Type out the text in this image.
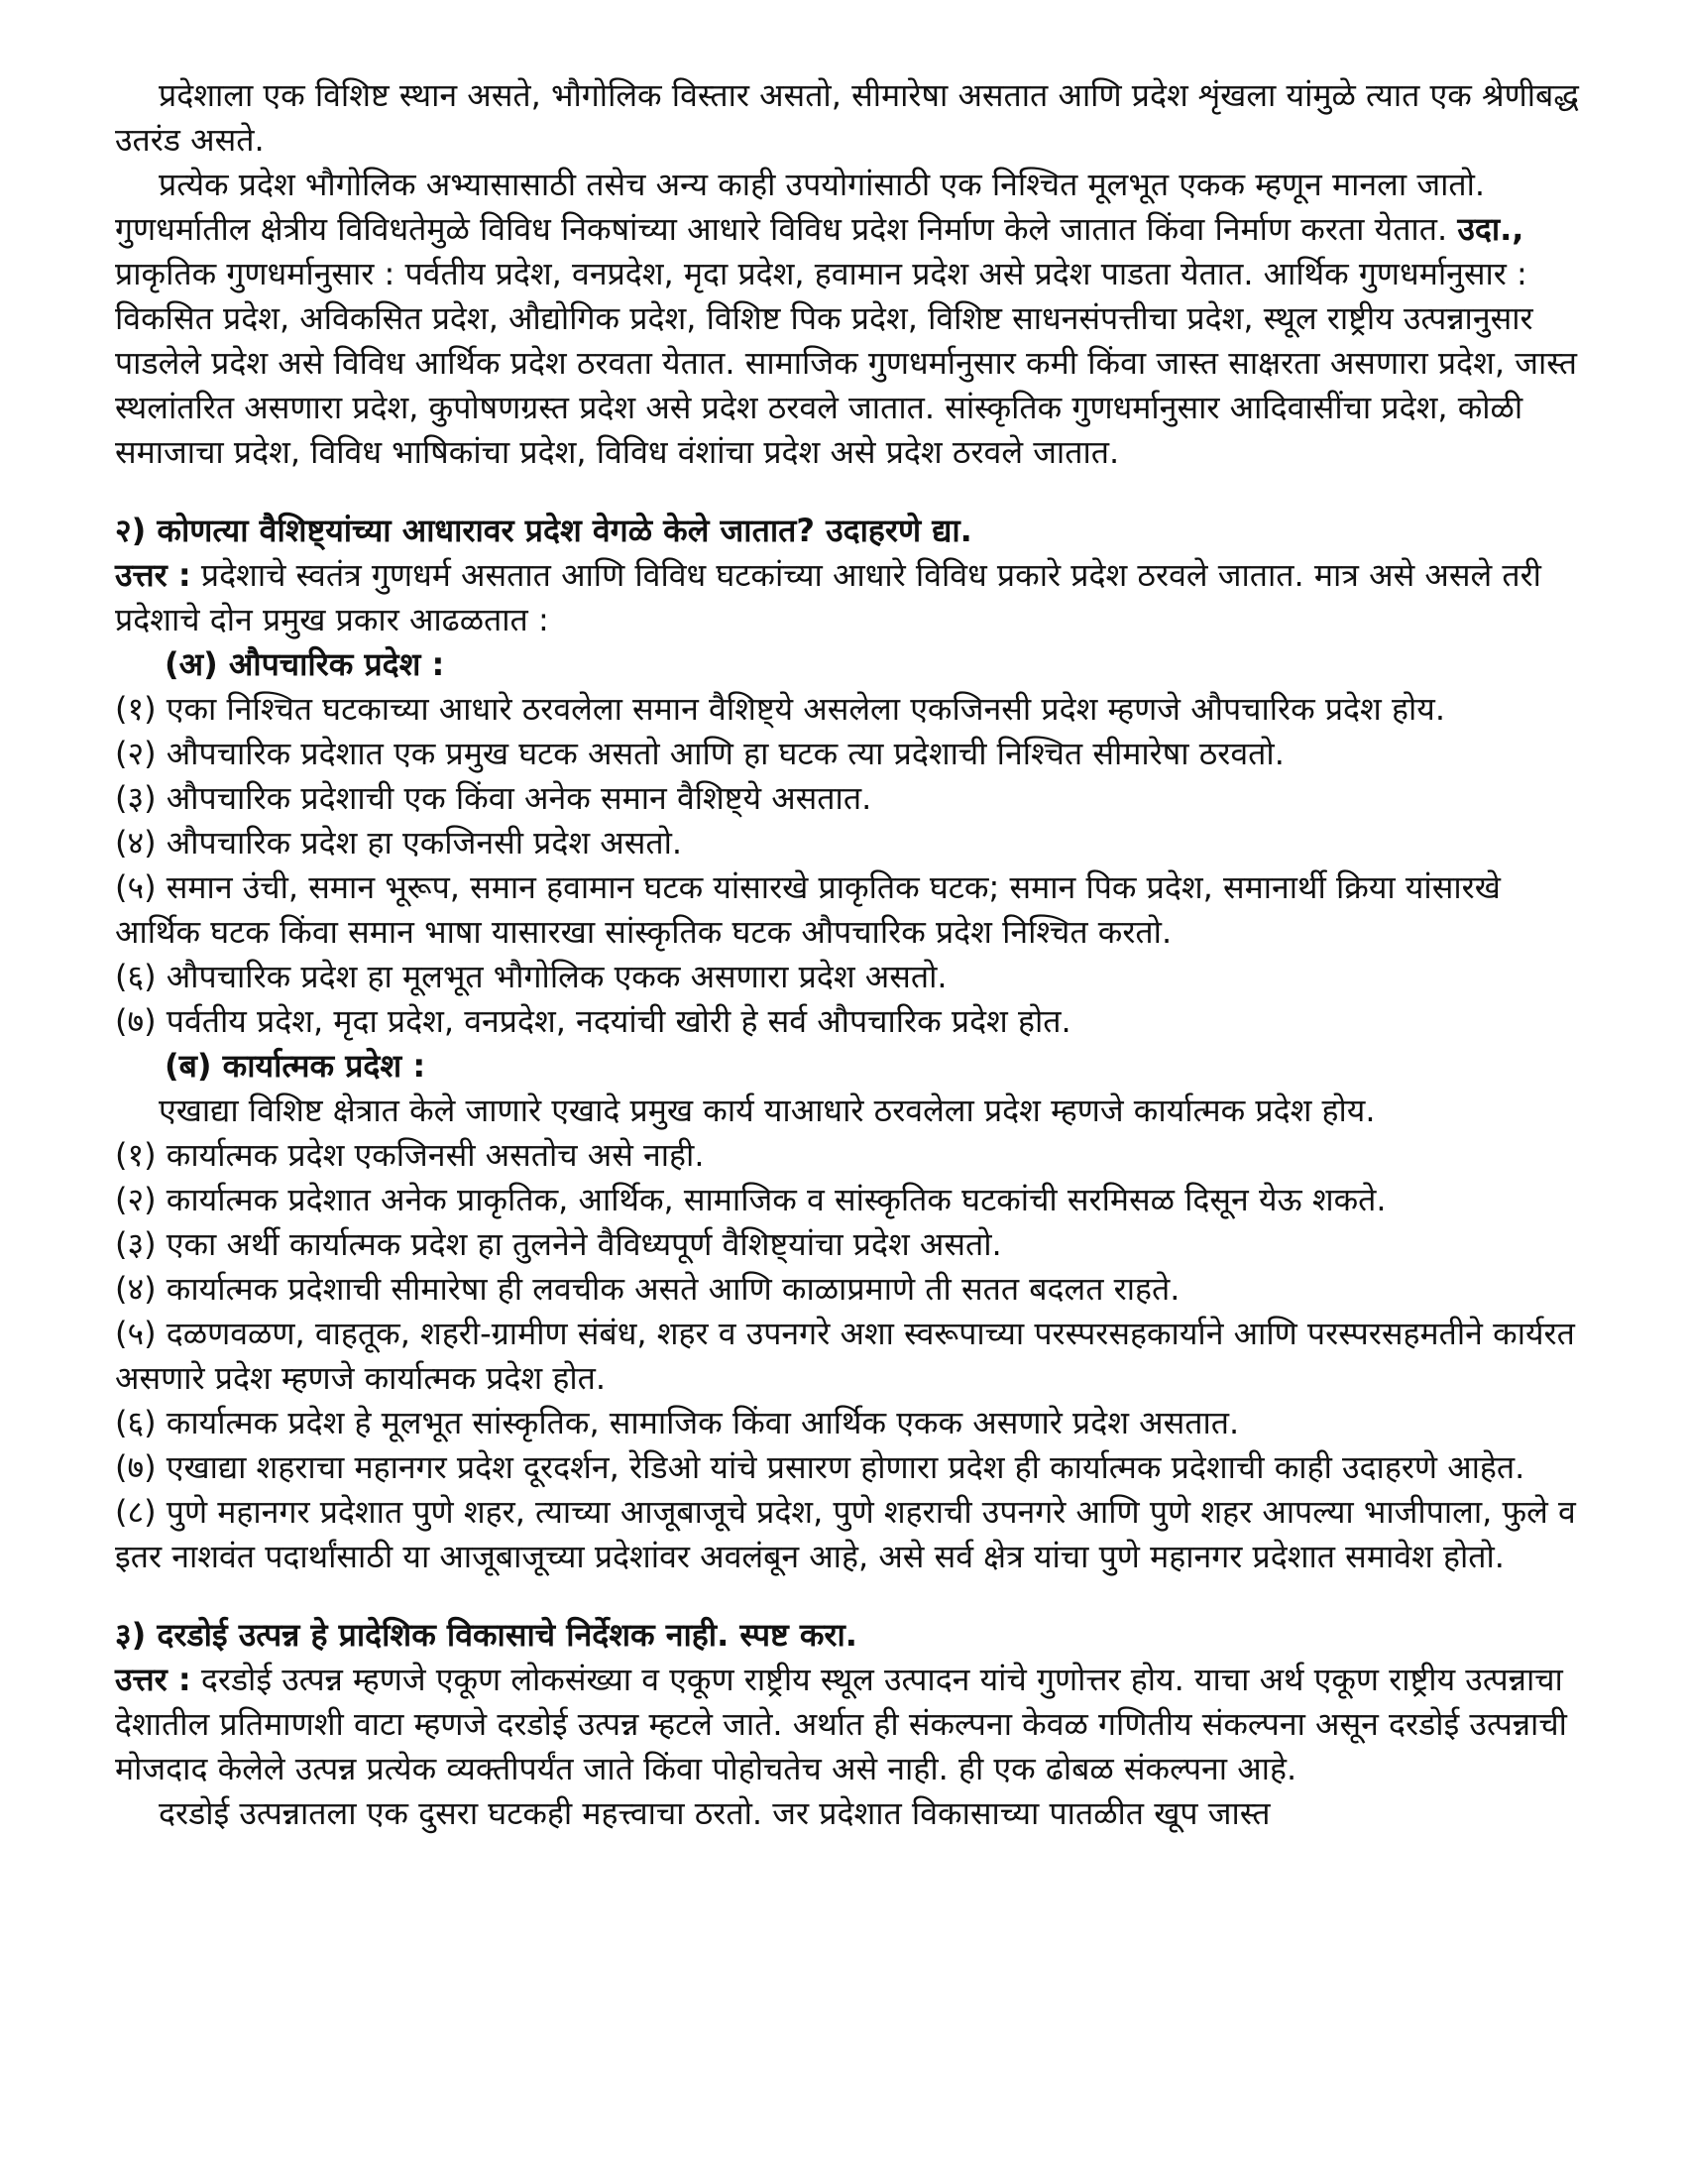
प्रदेशाला एक विशिष्ट स्थान असते, भौगोलिक विस्तार असतो, सीमारेषा असतात आणि प्रदेश शृंखला यांमुळे त्यात एक श्रेणीबद्ध उतरंड असते.

प्रत्येक प्रदेश भौगोलिक अभ्यासासाठी तसेच अन्य काही उपयोगांसाठी एक निश्चित मूलभूत एकक म्हणून मानला जातो. गुणधर्मातील क्षेत्रीय विविधतेमुळे विविध निकषांच्या आधारे विविध प्रदेश निर्माण केले जातात किंवा निर्माण करता येतात. उदा., प्राकृतिक गुणधर्मानुसार : पर्वतीय प्रदेश, वनप्रदेश, मृदा प्रदेश, हवामान प्रदेश असे प्रदेश पाडता येतात. आर्थिक गुणधर्मानुसार : विकसित प्रदेश, अविकसित प्रदेश, औद्योगिक प्रदेश, विशिष्ट पिक प्रदेश, विशिष्ट साधनसंपत्तीचा प्रदेश, स्थूल राष्ट्रीय उत्पन्नानुसार पाडलेले प्रदेश असे विविध आर्थिक प्रदेश ठरवता येतात. सामाजिक गुणधर्मानुसार कमी किंवा जास्त साक्षरता असणारा प्रदेश, जास्त स्थलांतरित असणारा प्रदेश, कुपोषणग्रस्त प्रदेश असे प्रदेश ठरवले जातात. सांस्कृतिक गुणधर्मानुसार आदिवासींचा प्रदेश, कोळी समाजाचा प्रदेश, विविध भाषिकांचा प्रदेश, विविध वंशांचा प्रदेश असे प्रदेश ठरवले जातात.

२) कोणत्या वैशिष्ट्यांच्या आधारावर प्रदेश वेगळे केले जातात? उदाहरणे द्या.

उत्तर : प्रदेशाचे स्वतंत्र गुणधर्म असतात आणि विविध घटकांच्या आधारे विविध प्रकारे प्रदेश ठरवले जातात. मात्र असे असले तरी प्रदेशाचे दोन प्रमुख प्रकार आढळतात :

(अ) औपचारिक प्रदेश :

(१) एका निश्चित घटकाच्या आधारे ठरवलेला समान वैशिष्ट्ये असलेला एकजिनसी प्रदेश म्हणजे औपचारिक प्रदेश होय.

(२) औपचारिक प्रदेशात एक प्रमुख घटक असतो आणि हा घटक त्या प्रदेशाची निश्चित सीमारेषा ठरवतो.

(३) औपचारिक प्रदेशाची एक किंवा अनेक समान वैशिष्ट्ये असतात.

(४) औपचारिक प्रदेश हा एकजिनसी प्रदेश असतो.

(५) समान उंची, समान भूरूप, समान हवामान घटक यांसारखे प्राकृतिक घटक; समान पिक प्रदेश, समानार्थी क्रिया यांसारखे आर्थिक घटक किंवा समान भाषा यासारखा सांस्कृतिक घटक औपचारिक प्रदेश निश्चित करतो.

(६) औपचारिक प्रदेश हा मूलभूत भौगोलिक एकक असणारा प्रदेश असतो.

(७) पर्वतीय प्रदेश, मृदा प्रदेश, वनप्रदेश, नदयांची खोरी हे सर्व औपचारिक प्रदेश होत.

(ब) कार्यात्मक प्रदेश :

एखाद्या विशिष्ट क्षेत्रात केले जाणारे एखादे प्रमुख कार्य याआधारे ठरवलेला प्रदेश म्हणजे कार्यात्मक प्रदेश होय.

(१) कार्यात्मक प्रदेश एकजिनसी असतोच असे नाही.

(२) कार्यात्मक प्रदेशात अनेक प्राकृतिक, आर्थिक, सामाजिक व सांस्कृतिक घटकांची सरमिसळ दिसून येऊ शकते.

(३) एका अर्थी कार्यात्मक प्रदेश हा तुलनेने वैविध्यपूर्ण वैशिष्ट्यांचा प्रदेश असतो.

(४) कार्यात्मक प्रदेशाची सीमारेषा ही लवचीक असते आणि काळाप्रमाणे ती सतत बदलत राहते.

(५) दळणवळण, वाहतूक, शहरी-ग्रामीण संबंध, शहर व उपनगरे अशा स्वरूपाच्या परस्परसहकार्याने आणि परस्परसहमतीने कार्यरत असणारे प्रदेश म्हणजे कार्यात्मक प्रदेश होत.

(६) कार्यात्मक प्रदेश हे मूलभूत सांस्कृतिक, सामाजिक किंवा आर्थिक एकक असणारे प्रदेश असतात.

(७) एखाद्या शहराचा महानगर प्रदेश दूरदर्शन, रेडिओ यांचे प्रसारण होणारा प्रदेश ही कार्यात्मक प्रदेशाची काही उदाहरणे आहेत.

(८) पुणे महानगर प्रदेशात पुणे शहर, त्याच्या आजूबाजूचे प्रदेश, पुणे शहराची उपनगरे आणि पुणे शहर आपल्या भाजीपाला, फुले व इतर नाशवंत पदार्थांसाठी या आजूबाजूच्या प्रदेशांवर अवलंबून आहे, असे सर्व क्षेत्र यांचा पुणे महानगर प्रदेशात समावेश होतो.

३) दरडोई उत्पन्न हे प्रादेशिक विकासाचे निर्देशक नाही. स्पष्ट करा.

उत्तर : दरडोई उत्पन्न म्हणजे एकूण लोकसंख्या व एकूण राष्ट्रीय स्थूल उत्पादन यांचे गुणोत्तर होय. याचा अर्थ एकूण राष्ट्रीय उत्पन्नाचा देशातील प्रतिमाणशी वाटा म्हणजे दरडोई उत्पन्न म्हटले जाते. अर्थात ही संकल्पना केवळ गणितीय संकल्पना असून दरडोई उत्पन्नाची मोजदाद केलेले उत्पन्न प्रत्येक व्यक्तीपर्यंत जाते किंवा पोहोचतेच असे नाही. ही एक ढोबळ संकल्पना आहे.

दरडोई उत्पन्नातला एक दुसरा घटकही महत्त्वाचा ठरतो. जर प्रदेशात विकासाच्या पातळीत खूप जास्त
